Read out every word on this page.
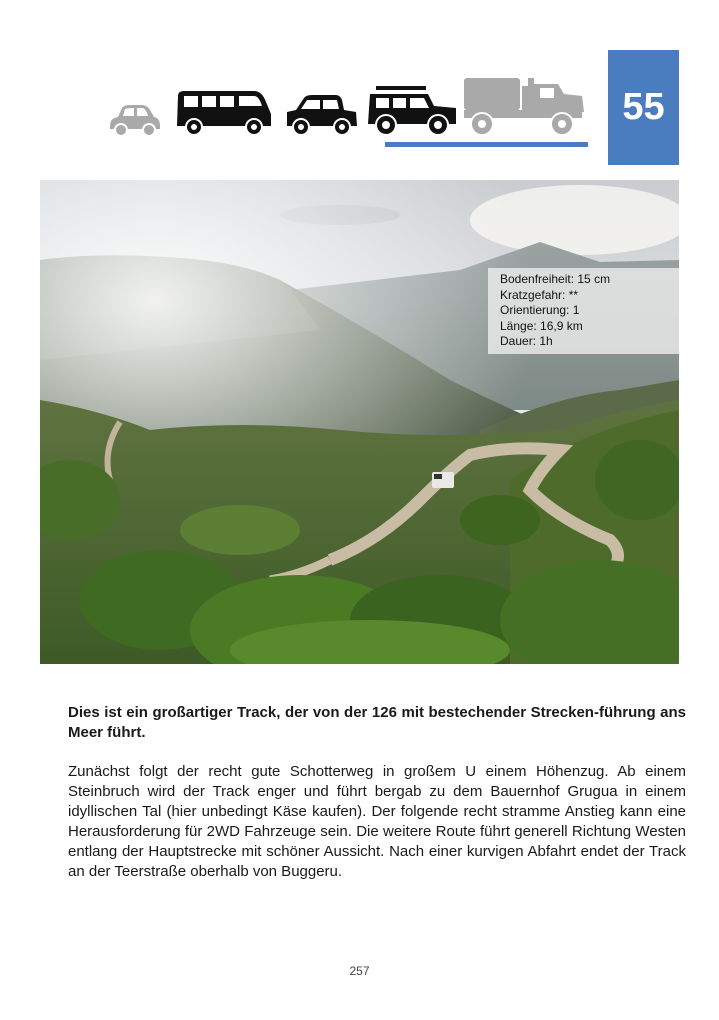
55
Bodenfreiheit: 15 cm
Kratzgefahr: **
Orientierung: 1
Länge: 16,9 km
Dauer: 1h
Dies ist ein großartiger Track, der von der 126 mit bestechender Strecken-führung ans Meer führt.
Zunächst folgt der recht gute Schotterweg in großem U einem Höhenzug. Ab einem Steinbruch wird der Track enger und führt bergab zu dem Bauernhof Grugua in einem idyllischen Tal (hier unbedingt Käse kaufen). Der folgende recht stramme Anstieg kann eine Herausforderung für 2WD Fahrzeuge sein. Die weitere Route führt generell Richtung Westen entlang der Hauptstrecke mit schöner Aussicht. Nach einer kurvigen Abfahrt endet der Track an der Teerstraße oberhalb von Buggeru.
257
